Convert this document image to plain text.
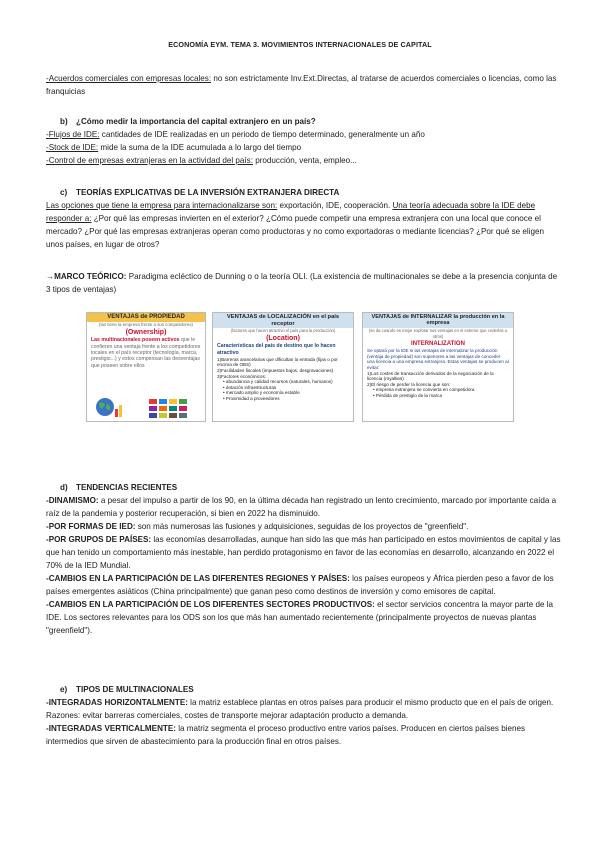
ECONOMÍA EYM. TEMA 3. MOVIMIENTOS INTERNACIONALES DE CAPITAL
-Acuerdos comerciales con empresas locales: no son estrictamente Inv.Ext.Directas, al tratarse de acuerdos comerciales o licencias, como las franquicias
b) ¿Cómo medir la importancia del capital extranjero en un país?
-Flujos de IDE: cantidades de IDE realizadas en un periodo de tiempo determinado, generalmente un año
-Stock de IDE: mide la suma de la IDE acumulada a lo largo del tiempo
-Control de empresas extranjeras en la actividad del país: producción, venta, empleo...
c) TEORÍAS EXPLICATIVAS DE LA INVERSIÓN EXTRANJERA DIRECTA
Las opciones que tiene la empresa para internacionalizarse son: exportación, IDE, cooperación. Una teoría adecuada sobre la IDE debe responder a: ¿Por qué las empresas invierten en el exterior? ¿Cómo puede competir una empresa extranjera con una local que conoce el mercado? ¿Por qué las empresas extranjeras operan como productoras y no como exportadoras o mediante licencias? ¿Por qué se eligen unos países, en lugar de otros?
→MARCO TEÓRICO: Paradigma ecléctico de Dunning o o la teoría OLI. (La existencia de multinacionales se debe a la presencia conjunta de 3 tipos de ventajas)
VENTAJAS de PROPIEDAD
(las tiene la empresa frente a sus competidores)
(Ownership)
Las multinacionales poseen activos que le confieren una ventaja frente a los competidores locales en el país receptor (tecnología, marca, prestigio...) y estos compensan las desventajas que poseen sobre ellos
VENTAJAS de LOCALIZACIÓN en el país receptor
(factores que hacen atractivo el país para la producción)
(Location)
Características del país de destino que lo hacen atractivo
1)Barreras arancelarias que dificultan la entrada (fijas o por encima de OBS)
2)Facilidades fiscales (impuestos bajos, desgravaciones)
3)Factores económicos:
• abundancia y calidad recursos (naturales, humanos)
• dotación infraestructuras
• mercado amplio y economía estable
• Proximidad a proveedores
VENTAJAS de INTERNALIZAR la producción en la empresa
(se da cuando es mejor explotar sus ventajas en el exterior que cederlas a otros)
INTERNALIZATION
Se optará por la IDE si las ventajas de internalizar la producción (ventaja de propiedad) son superiores a las ventajas de conceder una licencia a una empresa extranjera. Estas ventajas se producen al evitar:
1)Los costes de transacción derivados de la negociación de la licencia (royalties)
2)El riesgo de perder la licencia que son:
• empresa extranjera se convierta en competidora
• Pérdida de prestigio de la marca
d) TENDENCIAS RECIENTES
-DINAMISMO: a pesar del impulso a partir de los 90, en la última década han registrado un lento crecimiento, marcado por importante caída a raíz de la pandemia y posterior recuperación, si bien en 2022 ha disminuido.
-POR FORMAS DE IED: son más numerosas las fusiones y adquisiciones, seguidas de los proyectos de "greenfield".
-POR GRUPOS DE PAÍSES: las economías desarrolladas, aunque han sido las que más han participado en estos movimientos de capital y las que han tenido un comportamiento más inestable, han perdido protagonismo en favor de las economías en desarrollo, alcanzando en 2022 el 70% de la IED Mundial.
-CAMBIOS EN LA PARTICIPACIÓN DE LAS DIFERENTES REGIONES Y PAÍSES: los países europeos y África pierden peso a favor de los países emergentes asiáticos (China principalmente) que ganan peso como destinos de inversión y como emisores de capital.
-CAMBIOS EN LA PARTICIPACIÓN DE LOS DIFERENTES SECTORES PRODUCTIVOS: el sector servicios concentra la mayor parte de la IDE. Los sectores relevantes para los ODS son los que más han aumentado recientemente (principalmente proyectos de nuevas plantas "greenfield").
e) TIPOS DE MULTINACIONALES
-INTEGRADAS HORIZONTALMENTE: la matriz establece plantas en otros países para producir el mismo producto que en el país de origen. Razones: evitar barreras comerciales, costes de transporte mejorar adaptación producto a demanda.
-INTEGRADAS VERTICALMENTE: la matriz segmenta el proceso productivo entre varios países. Producen en ciertos países bienes intermedios que sirven de abastecimiento para la producción final en otros países.
